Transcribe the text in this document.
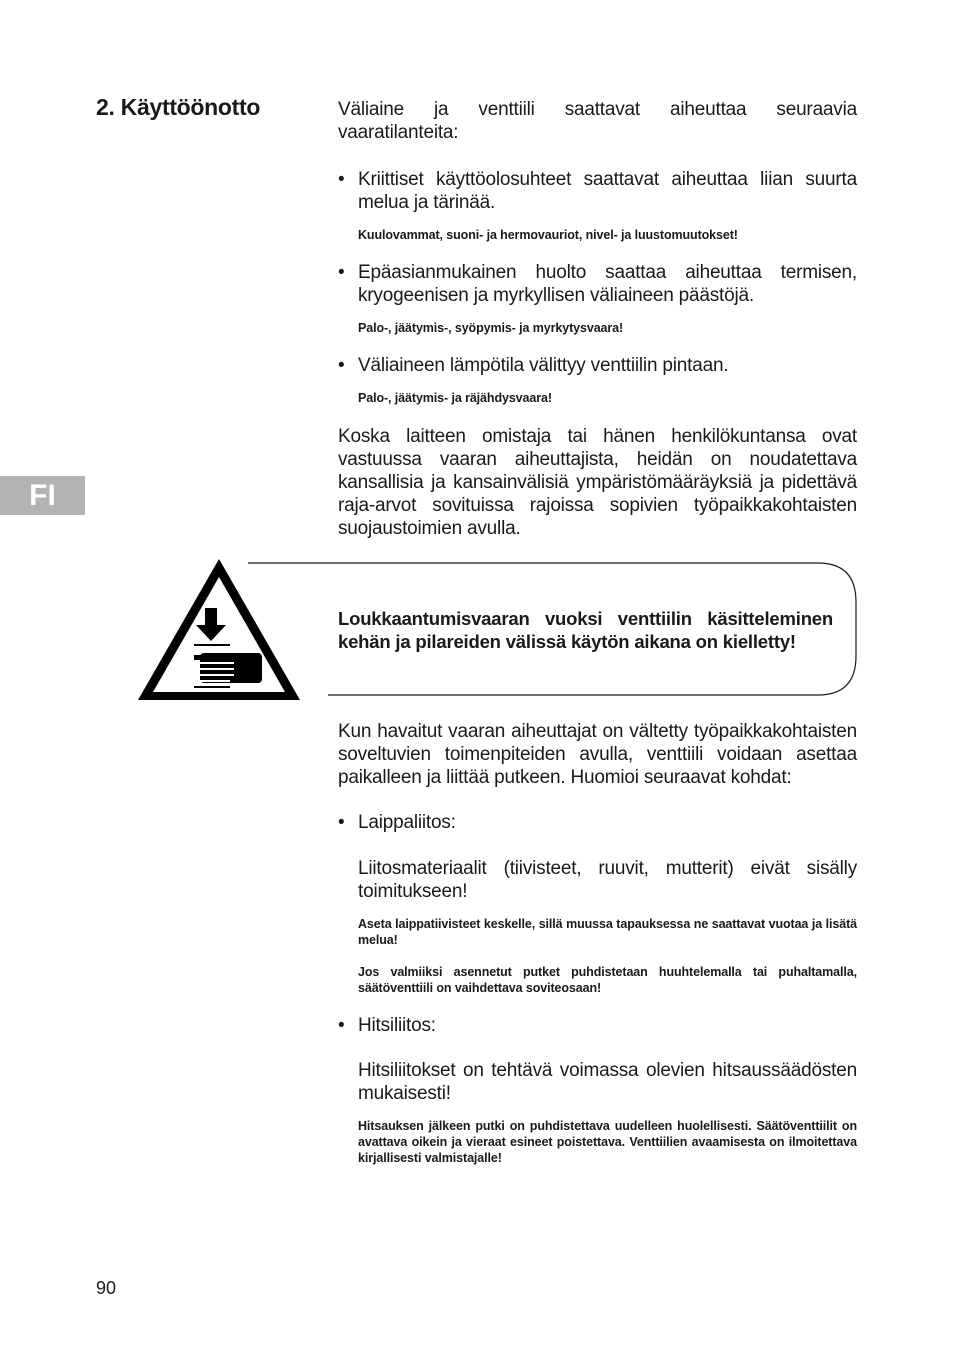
2. Käyttöönotto	Väliaine ja venttiili saattavat aiheuttaa seuraavia vaaratilanteita:
• Kriittiset käyttöolosuhteet saattavat aiheuttaa liian suurta melua ja tärinää.
Kuulovammat, suoni- ja hermovauriot, nivel- ja luustomuutokset!
• Epäasianmukainen huolto saattaa aiheuttaa termisen, kryogeenisen ja myrkyllisen väliaineen päästöjä.
Palo-, jäätymis-, syöpymis- ja myrkytysvaara!
• Väliaineen lämpötila välittyy venttiilin pintaan.
Palo-, jäätymis- ja räjähdysvaara!
Koska laitteen omistaja tai hänen henkilökuntansa ovat vastuussa vaaran aiheuttajista, heidän on noudatettava kansallisia ja kansainvälisiä ympäristömääräyksiä ja pidettävä raja-arvot sovituissa rajoissa sopivien työpaikkakohtaisten suojaustoimien avulla.
FI
Loukkaantumisvaaran vuoksi venttiilin käsitteleminen kehän ja pilareiden välissä käytön aikana on kielletty!
Kun havaitut vaaran aiheuttajat on vältetty työpaikkakohtaisten soveltuvien toimenpiteiden avulla, venttiili voidaan asettaa paikalleen ja liittää putkeen. Huomioi seuraavat kohdat:
• Laippaliitos:
Liitosmateriaalit (tiivisteet, ruuvit, mutterit) eivät sisälly toimitukseen!
Aseta laippatiivisteet keskelle, sillä muussa tapauksessa ne saattavat vuotaa ja lisätä melua!
Jos valmiiksi asennetut putket puhdistetaan huuhtelemalla tai puhaltamalla, säätöventtiili on vaihdettava soviteosaan!
• Hitsiliitos:
Hitsiliitokset on tehtävä voimassa olevien hitsaussäädösten mukaisesti!
Hitsauksen jälkeen putki on puhdistettava uudelleen huolellisesti. Säätöventtiilit on avattava oikein ja vieraat esineet poistettava. Venttiilien avaamisesta on ilmoitettava kirjallisesti valmistajalle!
90
